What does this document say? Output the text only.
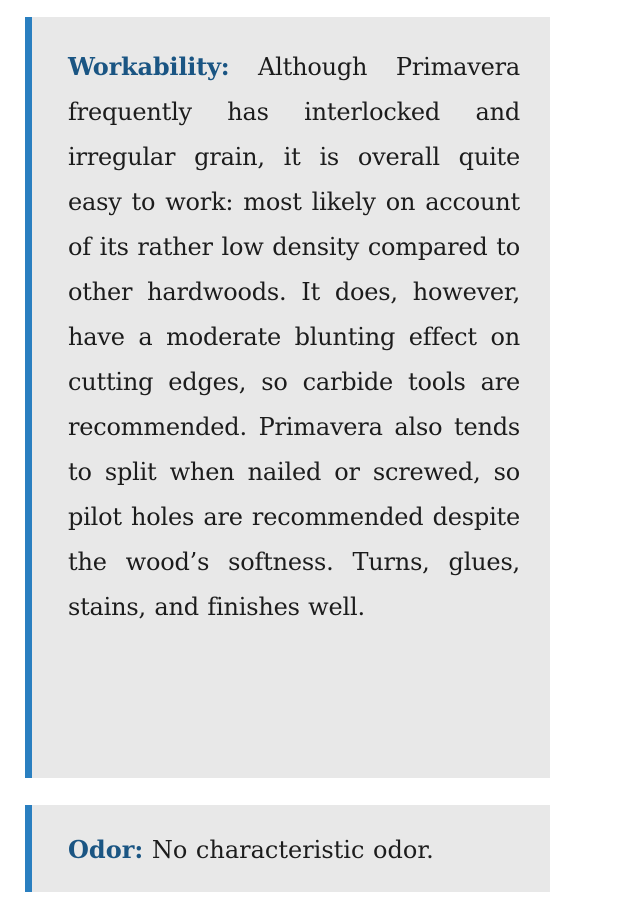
Workability: Although Primavera frequently has interlocked and irregular grain, it is overall quite easy to work: most likely on account of its rather low density compared to other hardwoods. It does, however, have a moderate blunting effect on cutting edges, so carbide tools are recommended. Primavera also tends to split when nailed or screwed, so pilot holes are recommended despite the wood’s softness. Turns, glues, stains, and finishes well.

Odor: No characteristic odor.
